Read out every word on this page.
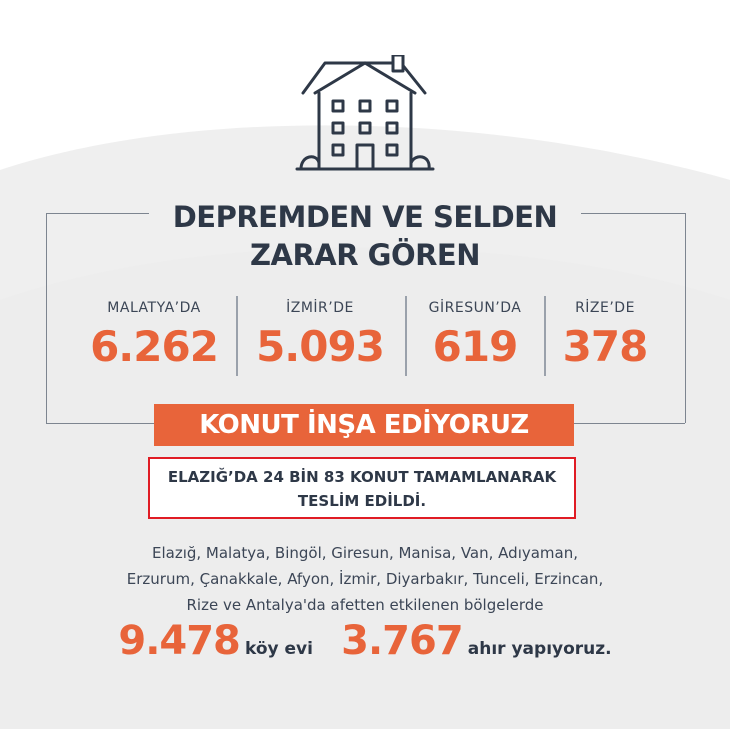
DEPREMDEN VE SELDEN
ZARAR GÖREN
MALATYA’DA
6.262
İZMİR’DE
5.093
GİRESUN’DA
619
RİZE’DE
378
KONUT İNŞA EDİYORUZ
ELAZIĞ’DA 24 BİN 83 KONUT TAMAMLANARAK
TESLİM EDİLDİ.
Elazığ, Malatya, Bingöl, Giresun, Manisa, Van, Adıyaman,
Erzurum, Çanakkale, Afyon, İzmir, Diyarbakır, Tunceli, Erzincan,
Rize ve Antalya'da afetten etkilenen bölgelerde
9.478 köy evi 3.767 ahır yapıyoruz.
